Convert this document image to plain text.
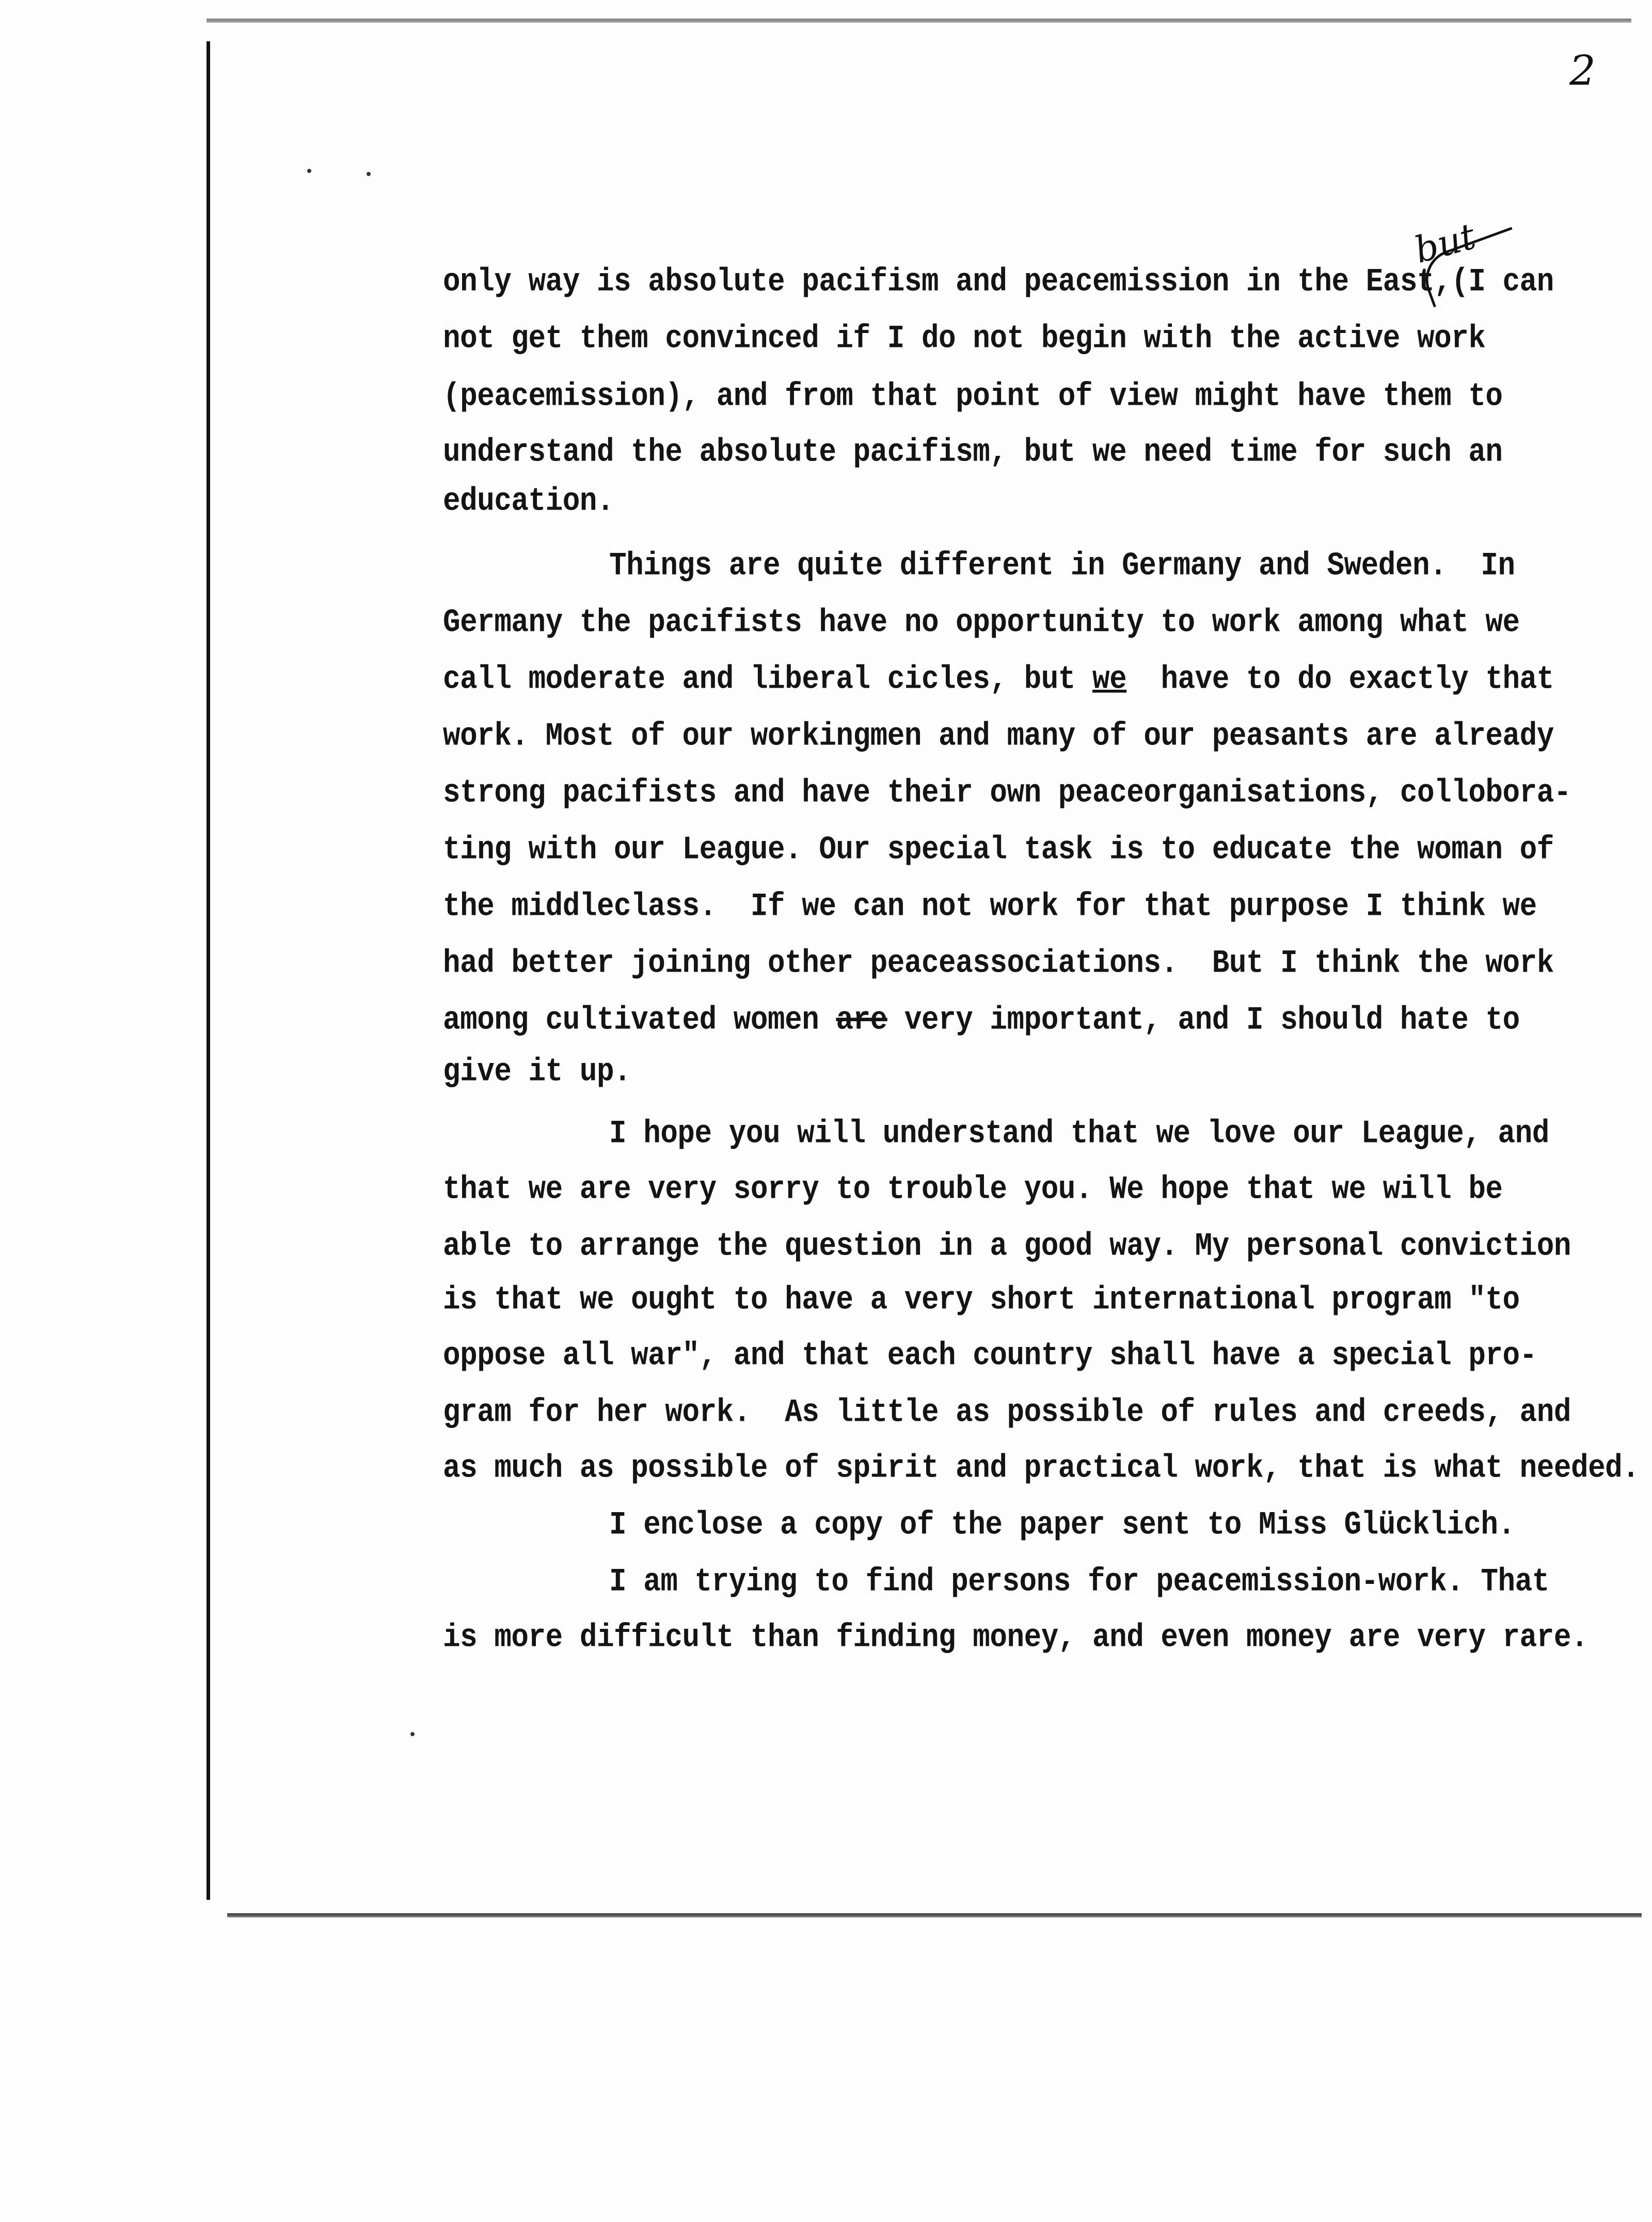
2
but
only way is absolute pacifism and peacemission in the East,(I can
not get them convinced if I do not begin with the active work
(peacemission), and from that point of view might have them to
understand the absolute pacifism, but we need time for such an
education.
Things are quite different in Germany and Sweden.  In
Germany the pacifists have no opportunity to work among what we
call moderate and liberal cicles, but we  have to do exactly that
work. Most of our workingmen and many of our peasants are already
strong pacifists and have their own peaceorganisations, collobora-
ting with our League. Our special task is to educate the woman of
the middleclass.  If we can not work for that purpose I think we
had better joining other peaceassociations.  But I think the work
among cultivated women are very important, and I should hate to
give it up.
I hope you will understand that we love our League, and
that we are very sorry to trouble you. We hope that we will be
able to arrange the question in a good way. My personal conviction
is that we ought to have a very short international program "to
oppose all war", and that each country shall have a special pro-
gram for her work.  As little as possible of rules and creeds, and
as much as possible of spirit and practical work, that is what needed.
I enclose a copy of the paper sent to Miss Glücklich.
I am trying to find persons for peacemission-work. That
is more difficult than finding money, and even money are very rare.
